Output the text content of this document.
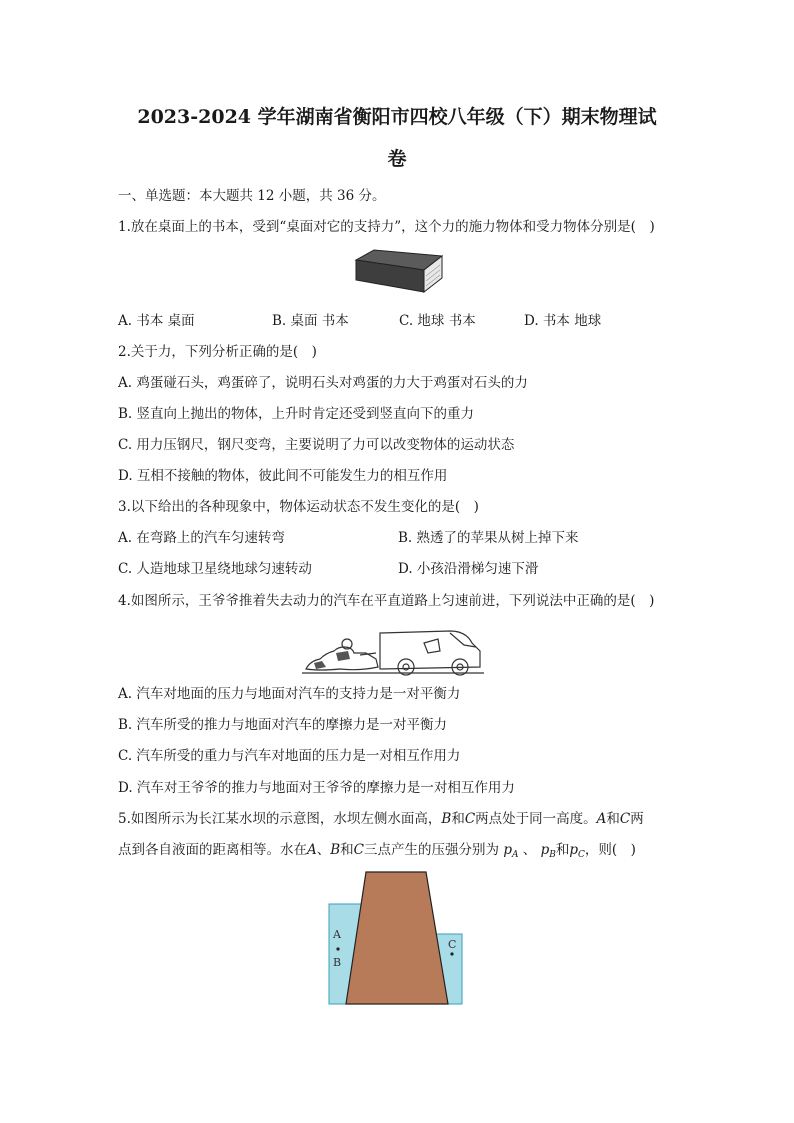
2023-2024 学年湖南省衡阳市四校八年级（下）期末物理试
卷
一、单选题：本大题共 12 小题，共 36 分。
1.放在桌面上的书本，受到“桌面对它的支持力”，这个力的施力物体和受力物体分别是(　)
A. 书本 桌面	B. 桌面 书本	C. 地球 书本	D. 书本 地球
2.关于力，下列分析正确的是(　)
A. 鸡蛋碰石头，鸡蛋碎了，说明石头对鸡蛋的力大于鸡蛋对石头的力
B. 竖直向上抛出的物体，上升时肯定还受到竖直向下的重力
C. 用力压钢尺，钢尺变弯，主要说明了力可以改变物体的运动状态
D. 互相不接触的物体，彼此间不可能发生力的相互作用
3.以下给出的各种现象中，物体运动状态不发生变化的是(　)
A. 在弯路上的汽车匀速转弯	B. 熟透了的苹果从树上掉下来
C. 人造地球卫星绕地球匀速转动	D. 小孩沿滑梯匀速下滑
4.如图所示，王爷爷推着失去动力的汽车在平直道路上匀速前进，下列说法中正确的是(　)
A. 汽车对地面的压力与地面对汽车的支持力是一对平衡力
B. 汽车所受的推力与地面对汽车的摩擦力是一对平衡力
C. 汽车所受的重力与汽车对地面的压力是一对相互作用力
D. 汽车对王爷爷的推力与地面对王爷爷的摩擦力是一对相互作用力
5.如图所示为长江某水坝的示意图，水坝左侧水面高，B和C两点处于同一高度。A和C两
点到各自液面的距离相等。水在A、B和C三点产生的压强分别为 $p_A$ 、 $p_B$和$p_C$，则(　)
A
B
C
